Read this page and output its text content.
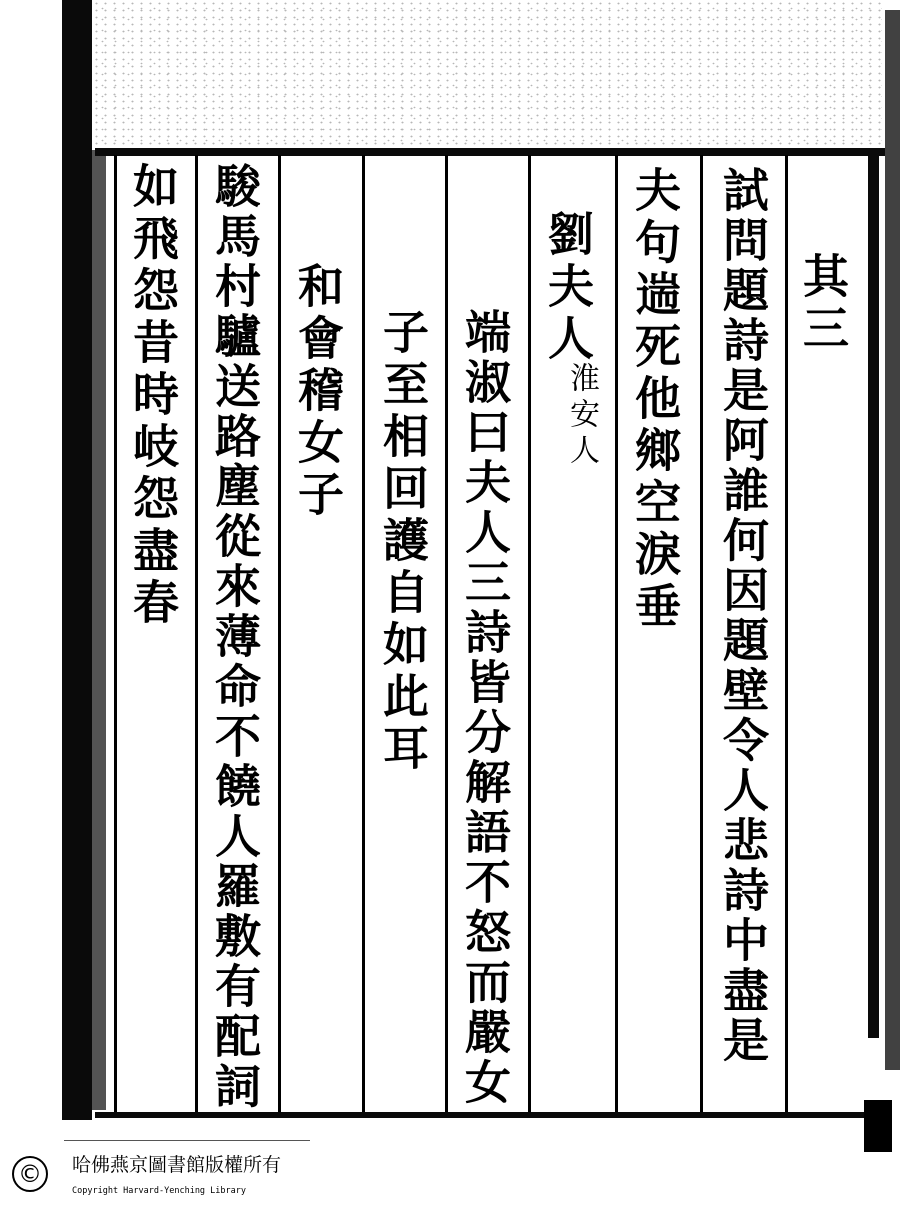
試問題詩是阿誰何因題壁令人悲詩中盡是 其三
夫句遄死他鄉空淚垂
劉夫人
淮安人
端淑曰夫人三詩皆分解語不怒而嚴女
子至相回護自如此耳
和會稽女子
駿馬村驢送路塵從來薄命不饒人羅敷有配詞
如飛怨昔時岐怨盡春
©	哈佛燕京圖書館版權所有
Copyright Harvard-Yenching Library
